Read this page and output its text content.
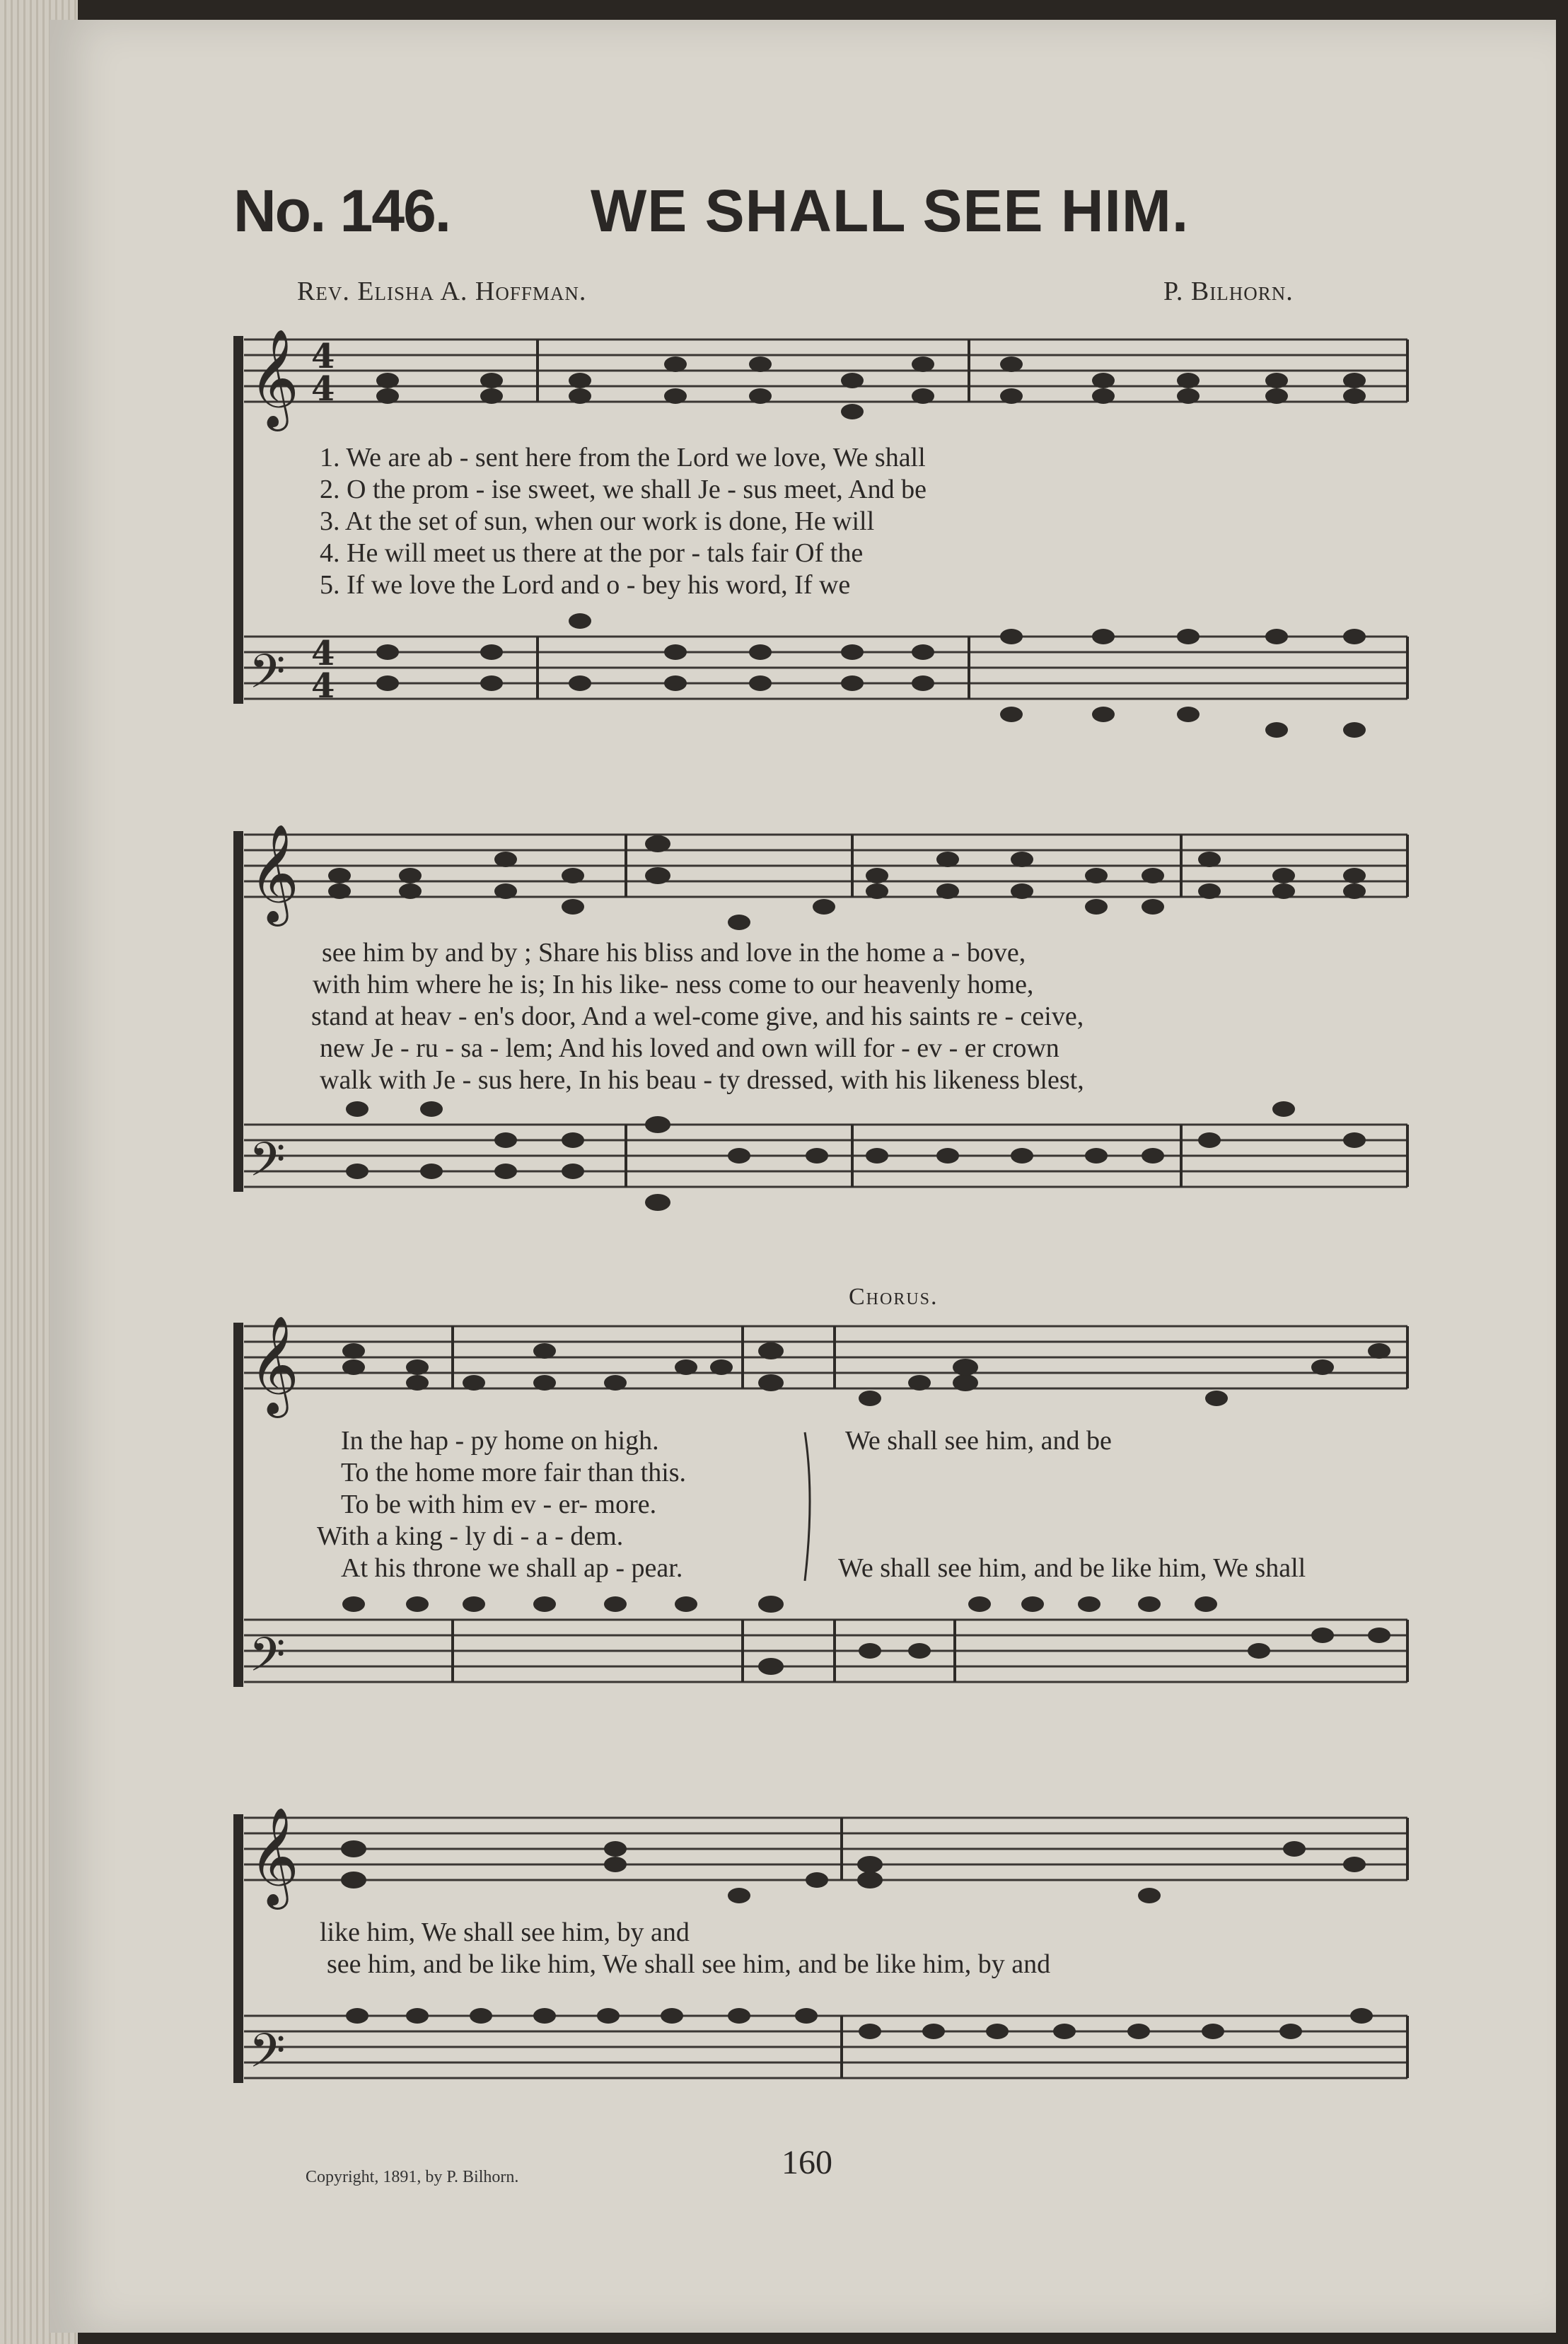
𝄞
𝄢
𝄞
𝄢
𝄞
𝄢
𝄞
𝄢
4
4
4
4
No. 146. WE SHALL SEE HIM.
Rev. Elisha A. Hoffman.	P. Bilhorn.
1. We are ab - sent here from the Lord we love, We shall
2. O the prom - ise sweet, we shall Je - sus meet, And be
3. At the set of sun, when our work is done, He will
4. He will meet us there at the por - tals fair Of the
5. If we love the Lord and o - bey his word, If we
see him by and by ; Share his bliss and love in the home a - bove,
with him where he is; In his like- ness come to our heavenly home,
stand at heav - en's door, And a wel-come give, and his saints re - ceive,
new Je - ru - sa - lem; And his loved and own will for - ev - er crown
walk with Je - sus here, In his beau - ty dressed, with his likeness blest,
Chorus.
In the hap - py home on high.
To the home more fair than this.
To be with him ev - er- more.
With a king - ly di - a - dem.
At his throne we shall ap - pear.
We shall see him, and be
We shall see him, and be like him, We shall
like him, We shall see him, by and
see him, and be like him, We shall see him, and be like him, by and
Copyright, 1891, by P. Bilhorn.	160
